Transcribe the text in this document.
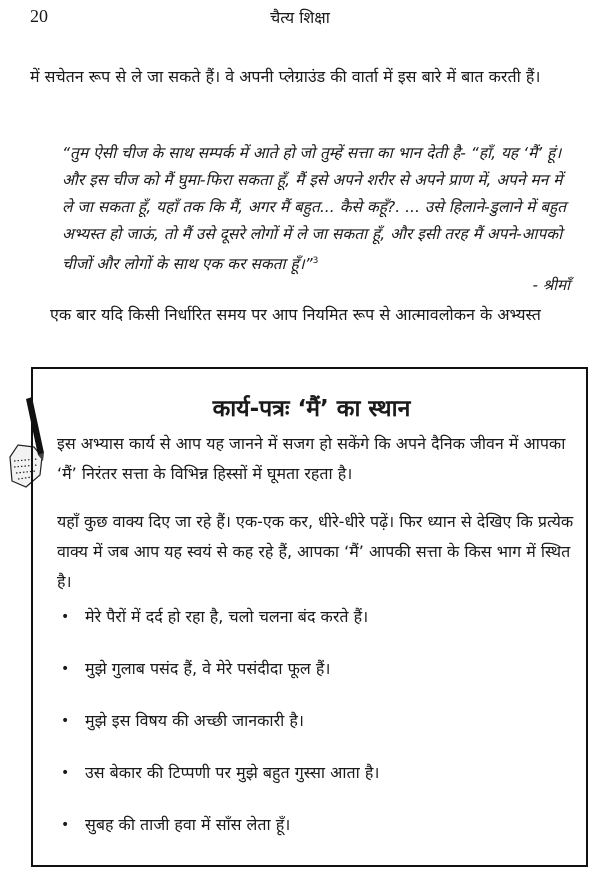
20	चैत्य शिक्षा

में सचेतन रूप से ले जा सकते हैं। वे अपनी प्लेग्राउंड की वार्ता में इस बारे में बात करती हैं।

“तुम ऐसी चीज के साथ सम्पर्क में आते हो जो तुम्हें सत्ता का भान देती है- “हाँ, यह ‘मैं’ हूं। और इस चीज को मैं घुमा-फिरा सकता हूँ, मैं इसे अपने शरीर से अपने प्राण में, अपने मन में ले जा सकता हूँ, यहाँ तक कि मैं, अगर मैं बहुत... कैसे कहूँ?. ... उसे हिलाने-डुलाने में बहुत अभ्यस्त हो जाऊं, तो मैं उसे दूसरे लोगों में ले जा सकता हूँ, और इसी तरह मैं अपने-आपको चीजों और लोगों के साथ एक कर सकता हूँ।”$^3$

- श्रीमाँ

एक बार यदि किसी निर्धारित समय पर आप नियमित रूप से आत्मावलोकन के अभ्यस्त

कार्य-पत्रः ‘मैं’ का स्थान

इस अभ्यास कार्य से आप यह जानने में सजग हो सकेंगे कि अपने दैनिक जीवन में आपका ‘मैं’ निरंतर सत्ता के विभिन्न हिस्सों में घूमता रहता है।

यहाँ कुछ वाक्य दिए जा रहे हैं। एक-एक कर, धीरे-धीरे पढ़ें। फिर ध्यान से देखिए कि प्रत्येक वाक्य में जब आप यह स्वयं से कह रहे हैं, आपका ‘मैं’ आपकी सत्ता के किस भाग में स्थित है।

• मेरे पैरों में दर्द हो रहा है, चलो चलना बंद करते हैं।
• मुझे गुलाब पसंद हैं, वे मेरे पसंदीदा फूल हैं।
• मुझे इस विषय की अच्छी जानकारी है।
• उस बेकार की टिप्पणी पर मुझे बहुत गुस्सा आता है।
• सुबह की ताजी हवा में साँस लेता हूँ।
